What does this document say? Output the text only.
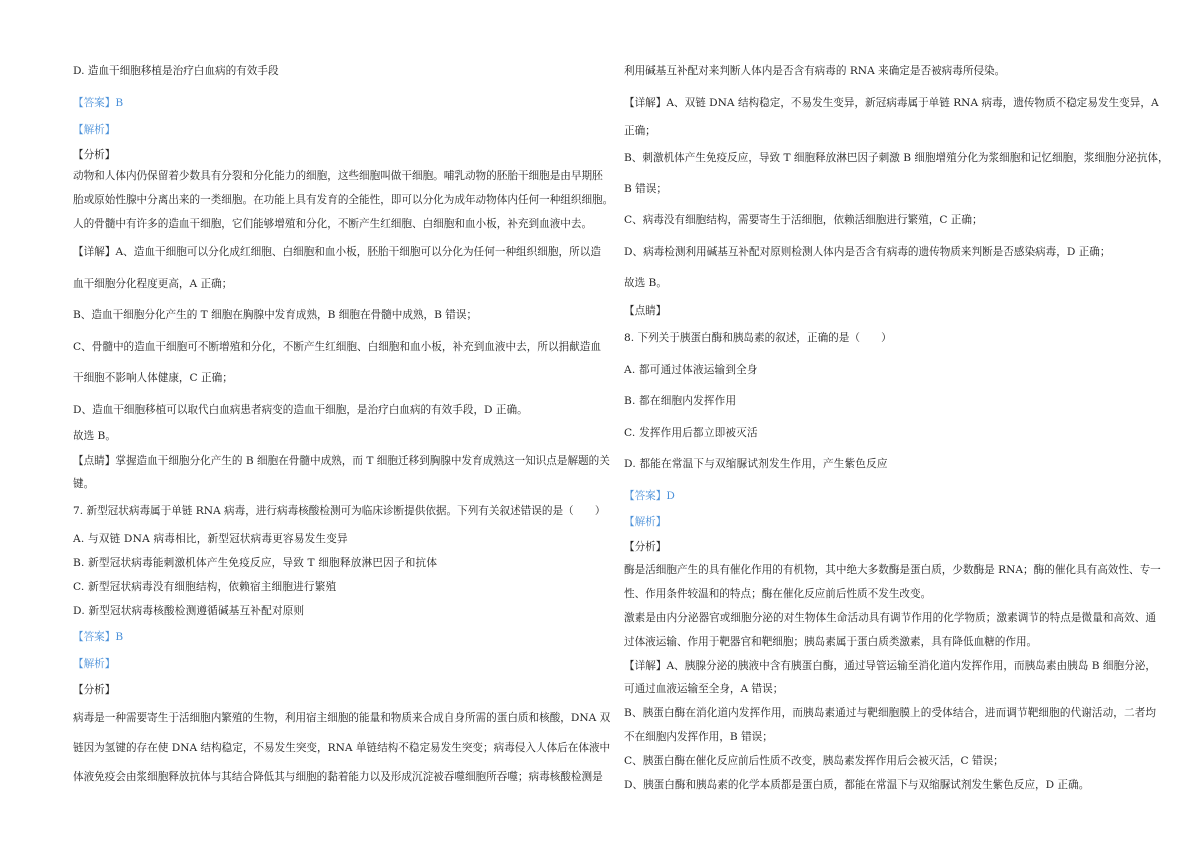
D. 造血干细胞移植是治疗白血病的有效手段
【答案】B
【解析】
【分析】
动物和人体内仍保留着少数具有分裂和分化能力的细胞，这些细胞叫做干细胞。哺乳动物的胚胎干细胞是由早期胚
胎或原始性腺中分离出来的一类细胞。在功能上具有发育的全能性，即可以分化为成年动物体内任何一种组织细胞。
人的骨髓中有许多的造血干细胞，它们能够增殖和分化，不断产生红细胞、白细胞和血小板，补充到血液中去。
【详解】A、造血干细胞可以分化成红细胞、白细胞和血小板，胚胎干细胞可以分化为任何一种组织细胞，所以造
血干细胞分化程度更高，A 正确；
B、造血干细胞分化产生的 T 细胞在胸腺中发育成熟，B 细胞在骨髓中成熟，B 错误；
C、骨髓中的造血干细胞可不断增殖和分化，不断产生红细胞、白细胞和血小板，补充到血液中去，所以捐献造血
干细胞不影响人体健康，C 正确；
D、造血干细胞移植可以取代白血病患者病变的造血干细胞，是治疗白血病的有效手段，D 正确。
故选 B。
【点睛】掌握造血干细胞分化产生的 B 细胞在骨髓中成熟，而 T 细胞迁移到胸腺中发育成熟这一知识点是解题的关
键。
7. 新型冠状病毒属于单链 RNA 病毒，进行病毒核酸检测可为临床诊断提供依据。下列有关叙述错误的是（　　）
A. 与双链 DNA 病毒相比，新型冠状病毒更容易发生变异
B. 新型冠状病毒能刺激机体产生免疫反应，导致 T 细胞释放淋巴因子和抗体
C. 新型冠状病毒没有细胞结构，依赖宿主细胞进行繁殖
D. 新型冠状病毒核酸检测遵循碱基互补配对原则
【答案】B
【解析】
【分析】
病毒是一种需要寄生于活细胞内繁殖的生物，利用宿主细胞的能量和物质来合成自身所需的蛋白质和核酸，DNA 双
链因为氢键的存在使 DNA 结构稳定，不易发生突变，RNA 单链结构不稳定易发生突变；病毒侵入人体后在体液中
体液免疫会由浆细胞释放抗体与其结合降低其与细胞的黏着能力以及形成沉淀被吞噬细胞所吞噬；病毒核酸检测是
利用碱基互补配对来判断人体内是否含有病毒的 RNA 来确定是否被病毒所侵染。
【详解】A、双链 DNA 结构稳定，不易发生变异，新冠病毒属于单链 RNA 病毒，遗传物质不稳定易发生变异，A
正确；
B、刺激机体产生免疫反应，导致 T 细胞释放淋巴因子刺激 B 细胞增殖分化为浆细胞和记忆细胞，浆细胞分泌抗体，
B 错误；
C、病毒没有细胞结构，需要寄生于活细胞，依赖活细胞进行繁殖，C 正确；
D、病毒检测利用碱基互补配对原则检测人体内是否含有病毒的遗传物质来判断是否感染病毒，D 正确；
故选 B。
【点睛】
8. 下列关于胰蛋白酶和胰岛素的叙述，正确的是（　　）
A. 都可通过体液运输到全身
B. 都在细胞内发挥作用
C. 发挥作用后都立即被灭活
D. 都能在常温下与双缩脲试剂发生作用，产生紫色反应
【答案】D
【解析】
【分析】
酶是活细胞产生的具有催化作用的有机物，其中绝大多数酶是蛋白质，少数酶是 RNA；酶的催化具有高效性、专一
性、作用条件较温和的特点；酶在催化反应前后性质不发生改变。
激素是由内分泌器官或细胞分泌的对生物体生命活动具有调节作用的化学物质；激素调节的特点是微量和高效、通
过体液运输、作用于靶器官和靶细胞；胰岛素属于蛋白质类激素，具有降低血糖的作用。
【详解】A、胰腺分泌的胰液中含有胰蛋白酶，通过导管运输至消化道内发挥作用，而胰岛素由胰岛 B 细胞分泌，
可通过血液运输至全身，A 错误；
B、胰蛋白酶在消化道内发挥作用，而胰岛素通过与靶细胞膜上的受体结合，进而调节靶细胞的代谢活动，二者均
不在细胞内发挥作用，B 错误；
C、胰蛋白酶在催化反应前后性质不改变，胰岛素发挥作用后会被灭活，C 错误；
D、胰蛋白酶和胰岛素的化学本质都是蛋白质，都能在常温下与双缩脲试剂发生紫色反应，D 正确。
